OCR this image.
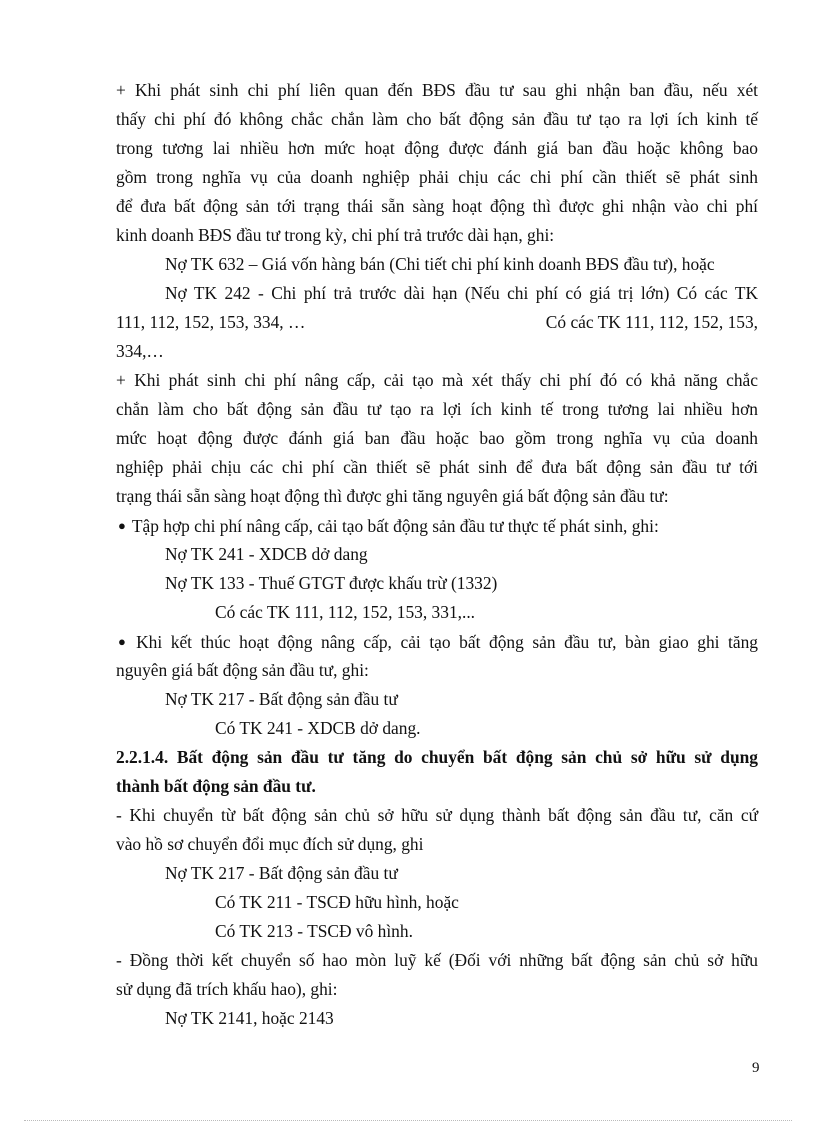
+ Khi phát sinh chi phí liên quan đến BĐS đầu tư sau ghi nhận ban đầu, nếu xét
thấy chi phí đó không chắc chắn làm cho bất động sản đầu tư tạo ra lợi ích kinh tế
trong tương lai nhiều hơn mức hoạt động được đánh giá ban đầu hoặc không bao
gồm trong nghĩa vụ của doanh nghiệp phải chịu các chi phí cần thiết sẽ phát sinh
để đưa bất động sản tới trạng thái sẵn sàng hoạt động thì được ghi nhận vào chi phí
kinh doanh BĐS đầu tư trong kỳ, chi phí trả trước dài hạn, ghi:
Nợ TK 632 – Giá vốn hàng bán (Chi tiết chi phí kinh doanh BĐS đầu tư), hoặc
Nợ TK 242 - Chi phí trả trước dài hạn (Nếu chi phí có giá trị lớn) Có các TK
111, 112, 152, 153, 334, …	Có các TK 111, 112, 152, 153,
334,…
+ Khi phát sinh chi phí nâng cấp, cải tạo mà xét thấy chi phí đó có khả năng chắc
chắn làm cho bất động sản đầu tư tạo ra lợi ích kinh tế trong tương lai nhiều hơn
mức hoạt động được đánh giá ban đầu hoặc bao gồm trong nghĩa vụ của doanh
nghiệp phải chịu các chi phí cần thiết sẽ phát sinh để đưa bất động sản đầu tư tới
trạng thái sẵn sàng hoạt động thì được ghi tăng nguyên giá bất động sản đầu tư:
● Tập hợp chi phí nâng cấp, cải tạo bất động sản đầu tư thực tế phát sinh, ghi:
Nợ TK 241 - XDCB dở dang
Nợ TK 133 - Thuế GTGT được khấu trừ (1332)
Có các TK 111, 112, 152, 153, 331,...
● Khi kết thúc hoạt động nâng cấp, cải tạo bất động sản đầu tư, bàn giao ghi tăng
nguyên giá bất động sản đầu tư, ghi:
Nợ TK 217 - Bất động sản đầu tư
Có TK 241 - XDCB dở dang.
2.2.1.4. Bất động sản đầu tư tăng do chuyển bất động sản chủ sở hữu sử dụng
thành bất động sản đầu tư.
- Khi chuyển từ bất động sản chủ sở hữu sử dụng thành bất động sản đầu tư, căn cứ
vào hồ sơ chuyển đổi mục đích sử dụng, ghi
Nợ TK 217 - Bất động sản đầu tư
Có TK 211 - TSCĐ hữu hình, hoặc
Có TK 213 - TSCĐ vô hình.
- Đồng thời kết chuyển số hao mòn luỹ kế (Đối với những bất động sản chủ sở hữu
sử dụng đã trích khấu hao), ghi:
Nợ TK 2141, hoặc 2143
9
